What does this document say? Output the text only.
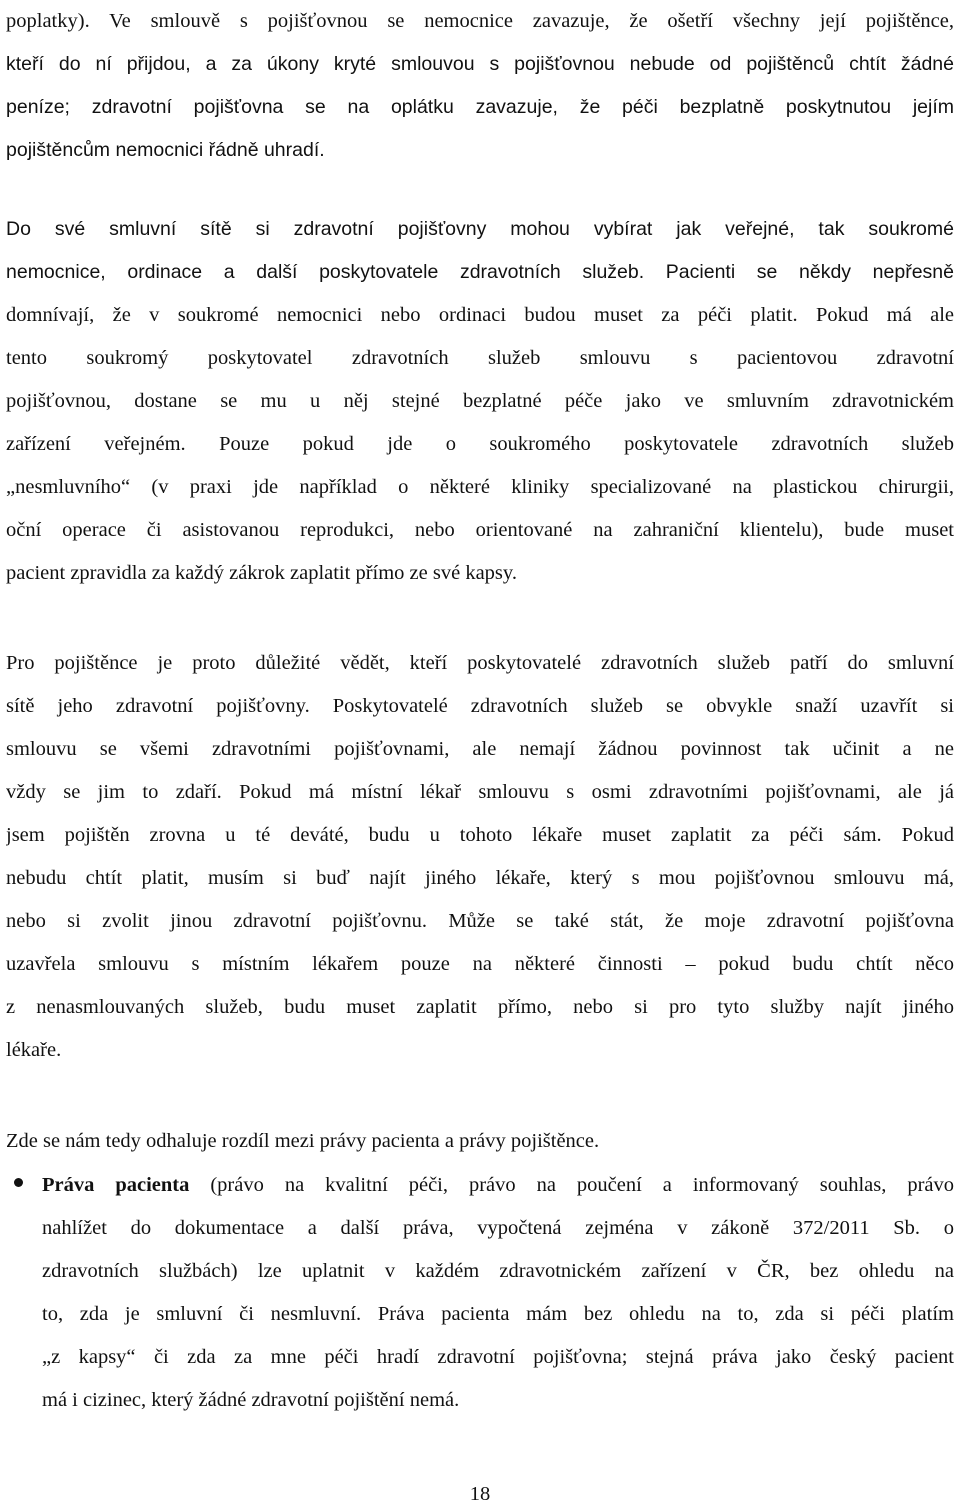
poplatky). Ve smlouvě s pojišťovnou se nemocnice zavazuje, že ošetří všechny její pojištěnce,
kteří do ní přijdou, a za úkony kryté smlouvou s pojišťovnou nebude od pojištěnců chtít žádné
peníze; zdravotní pojišťovna se na oplátku zavazuje, že péči bezplatně poskytnutou jejím
pojištěncům nemocnici řádně uhradí.
Do své smluvní sítě si zdravotní pojišťovny mohou vybírat jak veřejné, tak soukromé
nemocnice, ordinace a další poskytovatele zdravotních služeb. Pacienti se někdy nepřesně
domnívají, že v soukromé nemocnici nebo ordinaci budou muset za péči platit. Pokud má ale
tento soukromý poskytovatel zdravotních služeb smlouvu s pacientovou zdravotní
pojišťovnou, dostane se mu u něj stejné bezplatné péče jako ve smluvním zdravotnickém
zařízení veřejném. Pouze pokud jde o soukromého poskytovatele zdravotních služeb
„nesmluvního“ (v praxi jde například o některé kliniky specializované na plastickou chirurgii,
oční operace či asistovanou reprodukci, nebo orientované na zahraniční klientelu), bude muset
pacient zpravidla za každý zákrok zaplatit přímo ze své kapsy.
Pro pojištěnce je proto důležité vědět, kteří poskytovatelé zdravotních služeb patří do smluvní
sítě jeho zdravotní pojišťovny. Poskytovatelé zdravotních služeb se obvykle snaží uzavřít si
smlouvu se všemi zdravotními pojišťovnami, ale nemají žádnou povinnost tak učinit a ne
vždy se jim to zdaří. Pokud má místní lékař smlouvu s osmi zdravotními pojišťovnami, ale já
jsem pojištěn zrovna u té deváté, budu u tohoto lékaře muset zaplatit za péči sám. Pokud
nebudu chtít platit, musím si buď najít jiného lékaře, který s mou pojišťovnou smlouvu má,
nebo si zvolit jinou zdravotní pojišťovnu. Může se také stát, že moje zdravotní pojišťovna
uzavřela smlouvu s místním lékařem pouze na některé činnosti – pokud budu chtít něco
z nenasmlouvaných služeb, budu muset zaplatit přímo, nebo si pro tyto služby najít jiného
lékaře.
Zde se nám tedy odhaluje rozdíl mezi právy pacienta a právy pojištěnce.
Práva pacienta (právo na kvalitní péči, právo na poučení a informovaný souhlas, právo
nahlížet do dokumentace a další práva, vypočtená zejména v zákoně 372/2011 Sb. o
zdravotních službách) lze uplatnit v každém zdravotnickém zařízení v ČR, bez ohledu na
to, zda je smluvní či nesmluvní. Práva pacienta mám bez ohledu na to, zda si péči platím
„z kapsy“ či zda za mne péči hradí zdravotní pojišťovna; stejná práva jako český pacient
má i cizinec, který žádné zdravotní pojištění nemá.
18
